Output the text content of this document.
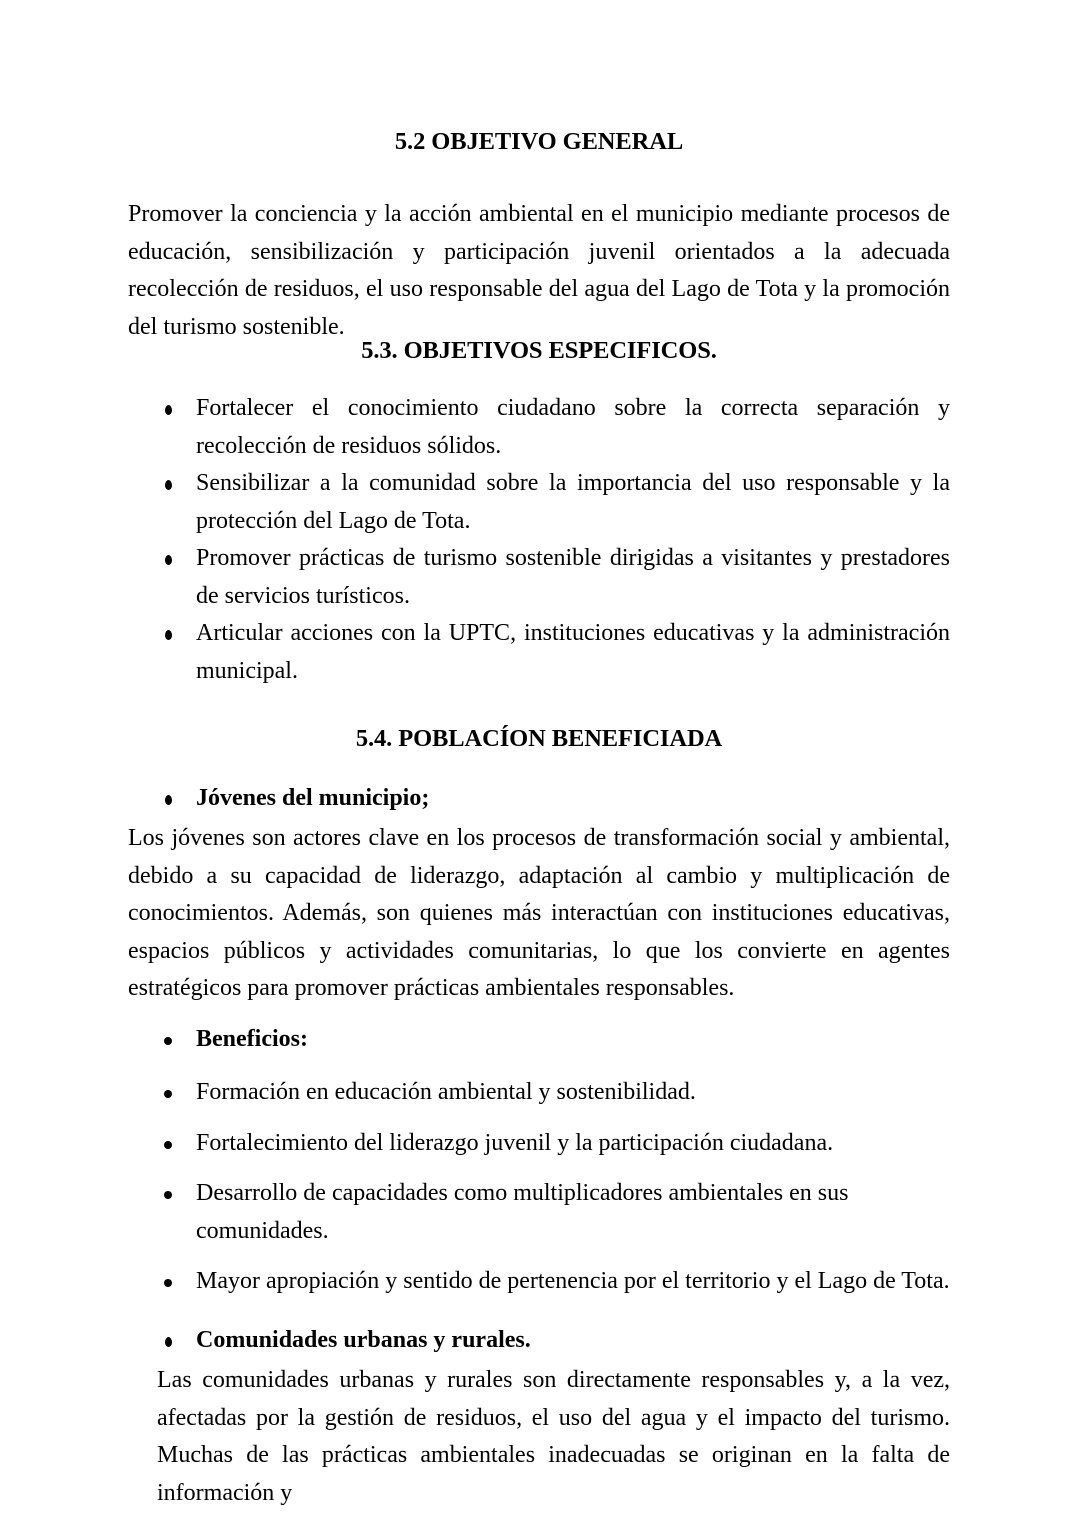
5.2 OBJETIVO GENERAL

Promover la conciencia y la acción ambiental en el municipio mediante procesos de educación, sensibilización y participación juvenil orientados a la adecuada recolección de residuos, el uso responsable del agua del Lago de Tota y la promoción del turismo sostenible.

5.3. OBJETIVOS ESPECIFICOS.
Fortalecer el conocimiento ciudadano sobre la correcta separación y recolección de residuos sólidos.
Sensibilizar a la comunidad sobre la importancia del uso responsable y la protección del Lago de Tota.
Promover prácticas de turismo sostenible dirigidas a visitantes y prestadores de servicios turísticos.
Articular acciones con la UPTC, instituciones educativas y la administración municipal.
5.4. POBLACÍON BENEFICIADA
Jóvenes del municipio;

Los jóvenes son actores clave en los procesos de transformación social y ambiental, debido a su capacidad de liderazgo, adaptación al cambio y multiplicación de conocimientos. Además, son quienes más interactúan con instituciones educativas, espacios públicos y actividades comunitarias, lo que los convierte en agentes estratégicos para promover prácticas ambientales responsables.

Beneficios:
Formación en educación ambiental y sostenibilidad.
Fortalecimiento del liderazgo juvenil y la participación ciudadana.
Desarrollo de capacidades como multiplicadores ambientales en sus comunidades.
Mayor apropiación y sentido de pertenencia por el territorio y el Lago de Tota.
Comunidades urbanas y rurales.

Las comunidades urbanas y rurales son directamente responsables y, a la vez, afectadas por la gestión de residuos, el uso del agua y el impacto del turismo. Muchas de las prácticas ambientales inadecuadas se originan en la falta de información y
